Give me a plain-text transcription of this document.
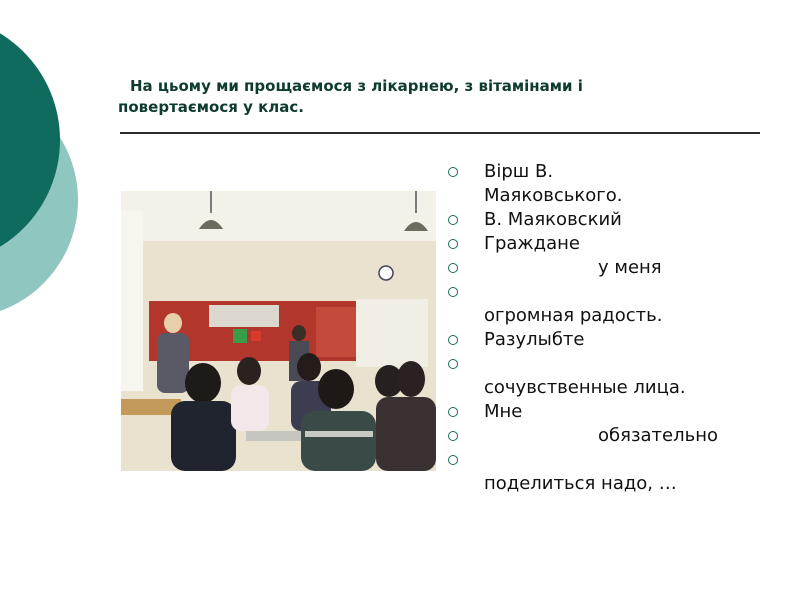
На цьому ми прощаємося з лікарнею, з вітамінами і
повертаємося у клас.
Вірш В.
Маяковського.
В. Маяковский
Граждане
у меня
огромная радость.
Разулыбте
сочувственные лица.
Мне
обязательно
поделиться надо, …
